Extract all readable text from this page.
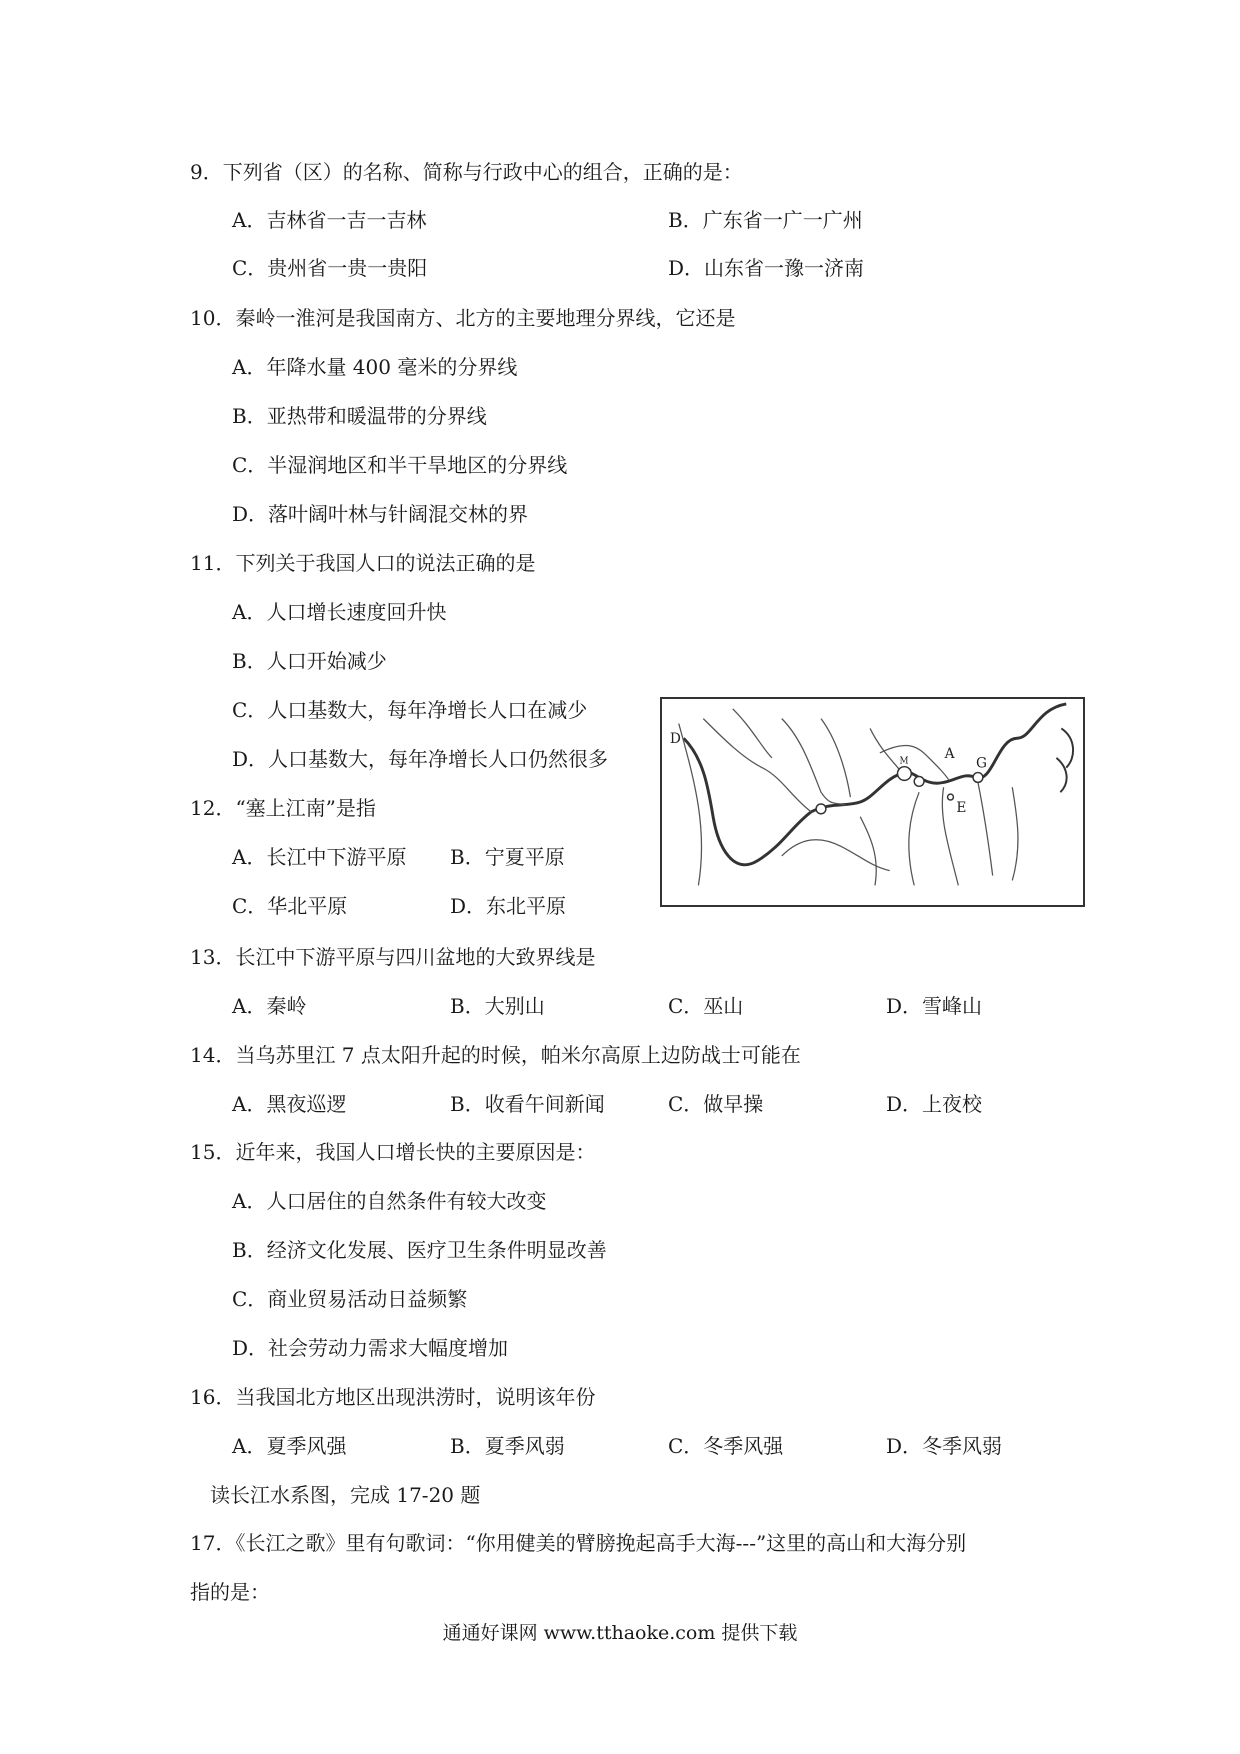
9．下列省（区）的名称、简称与行政中心的组合，正确的是：
A．吉林省一吉一吉林	B．广东省一广一广州
C．贵州省一贵一贵阳	D．山东省一豫一济南
10．秦岭一淮河是我国南方、北方的主要地理分界线，它还是
A．年降水量 400 毫米的分界线
B．亚热带和暖温带的分界线
C．半湿润地区和半干旱地区的分界线
D．落叶阔叶林与针阔混交林的界
11．下列关于我国人口的说法正确的是
A．人口增长速度回升快
B．人口开始减少
C．人口基数大，每年净增长人口在减少
D．人口基数大，每年净增长人口仍然很多
12．“塞上江南”是指
A．长江中下游平原 B．宁夏平原
C．华北平原	D．东北平原
D
A
M	G
E
13．长江中下游平原与四川盆地的大致界线是
A．秦岭	B．大别山	C．巫山	D．雪峰山
14．当乌苏里江 7 点太阳升起的时候，帕米尔高原上边防战士可能在
A．黑夜巡逻	B．收看午间新闻	C．做早操	D．上夜校
15．近年来，我国人口增长快的主要原因是：
A．人口居住的自然条件有较大改变
B．经济文化发展、医疗卫生条件明显改善
C．商业贸易活动日益频繁
D．社会劳动力需求大幅度增加
16．当我国北方地区出现洪涝时，说明该年份
A．夏季风强	B．夏季风弱	C．冬季风强	D．冬季风弱
读长江水系图，完成 17-20 题
17．《长江之歌》里有句歌词：“你用健美的臂膀挽起高手大海---”这里的高山和大海分别
指的是：
通通好课网 www.tthaoke.com 提供下载
